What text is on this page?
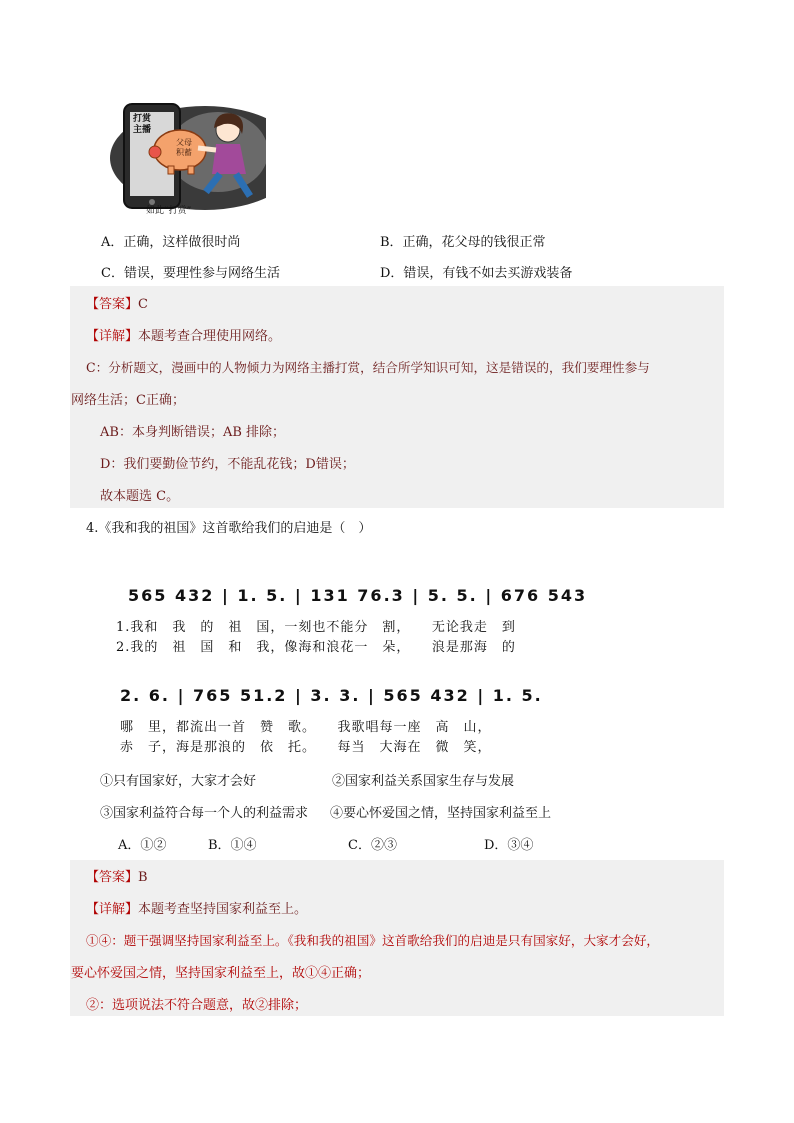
打赏
主播
父母
积蓄
如此“打赏”
A．正确，这样做很时尚	B．正确，花父母的钱很正常
C．错误，要理性参与网络生活	D．错误，有钱不如去买游戏装备
【答案】C
【详解】本题考查合理使用网络。
C：分析题文，漫画中的人物倾力为网络主播打赏，结合所学知识可知，这是错误的，我们要理性参与
网络生活；C正确；
AB：本身判断错误；AB 排除；
D：我们要勤俭节约，不能乱花钱；D错误；
故本题选 C。
4.《我和我的祖国》这首歌给我们的启迪是（　）
565 432 | 1. 5. | 131 76.3 | 5. 5. | 676 543
1.我和　我　的　祖　国，一刻也不能分　割，　　无论我走　到
2.我的　祖　国　和　我，像海和浪花一　朵，　　浪是那海　的
2. 6. | 765 51.2 | 3. 3. | 565 432 | 1. 5.
哪　里，都流出一首　赞　歌。　　我歌唱每一座　高　山，
赤　子，海是那浪的　依　托。　　每当　大海在　微　笑，
①只有国家好，大家才会好	②国家利益关系国家生存与发展
③国家利益符合每一个人的利益需求 ④要心怀爱国之情，坚持国家利益至上
A．①②	B．①④	C．②③	D．③④
【答案】B
【详解】本题考查坚持国家利益至上。
①④：题干强调坚持国家利益至上。《我和我的祖国》这首歌给我们的启迪是只有国家好，大家才会好，
要心怀爱国之情，坚持国家利益至上，故①④正确；
②：选项说法不符合题意，故②排除；
